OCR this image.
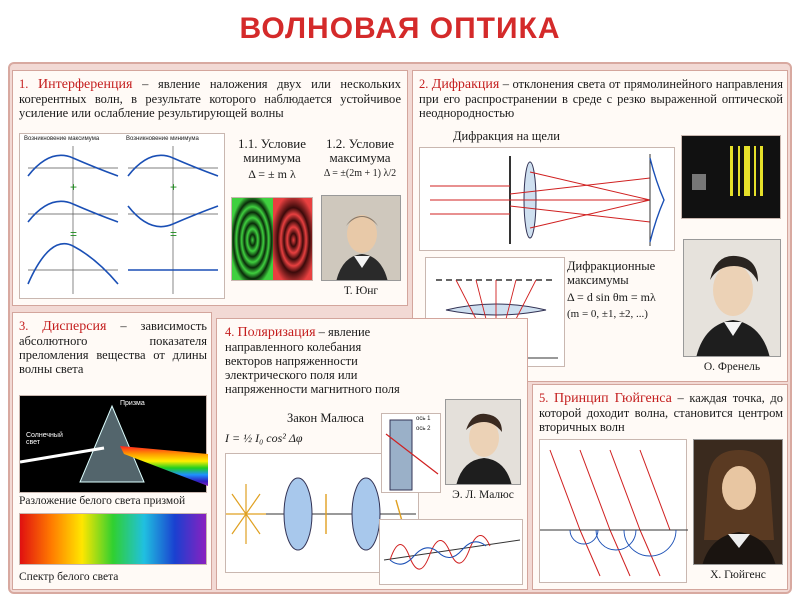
ВОЛНОВАЯ ОПТИКА
1. Интерференция – явление наложения двух или нескольких когерентных волн, в результате которого наблюдается устойчивое усиление или ослабление результирующей волны
Возникновение максимума	Возникновение минимума
+	+
=	=
1.1. Условие минимума
Δ = ± m λ
1.2. Условие максимума
Δ = ±(2m + 1) λ/2
Т. Юнг
2. Дифракция – отклонения света от прямолинейного направления при его распространении в среде с резко выраженной оптической неоднородностью
Дифракция на щели
Дифракционные максимумы
Δ = d sin θm = mλ
(m = 0, ±1, ±2, ...)
О. Френель
3. Дисперсия – зависимость абсолютного показателя преломления вещества от длины волны света
Призма
Солнечный свет
Разложение белого света призмой
Спектр белого света
4. Поляризация – явление направленного колебания векторов напряженности электрического поля или напряженности магнитного поля
Закон Малюса
I = ½ I₀ cos² Δφ
ось 1
ось 2
Э. Л. Малюс
5. Принцип Гюйгенса – каждая точка, до которой доходит волна, становится центром вторичных волн
Х. Гюйгенс
